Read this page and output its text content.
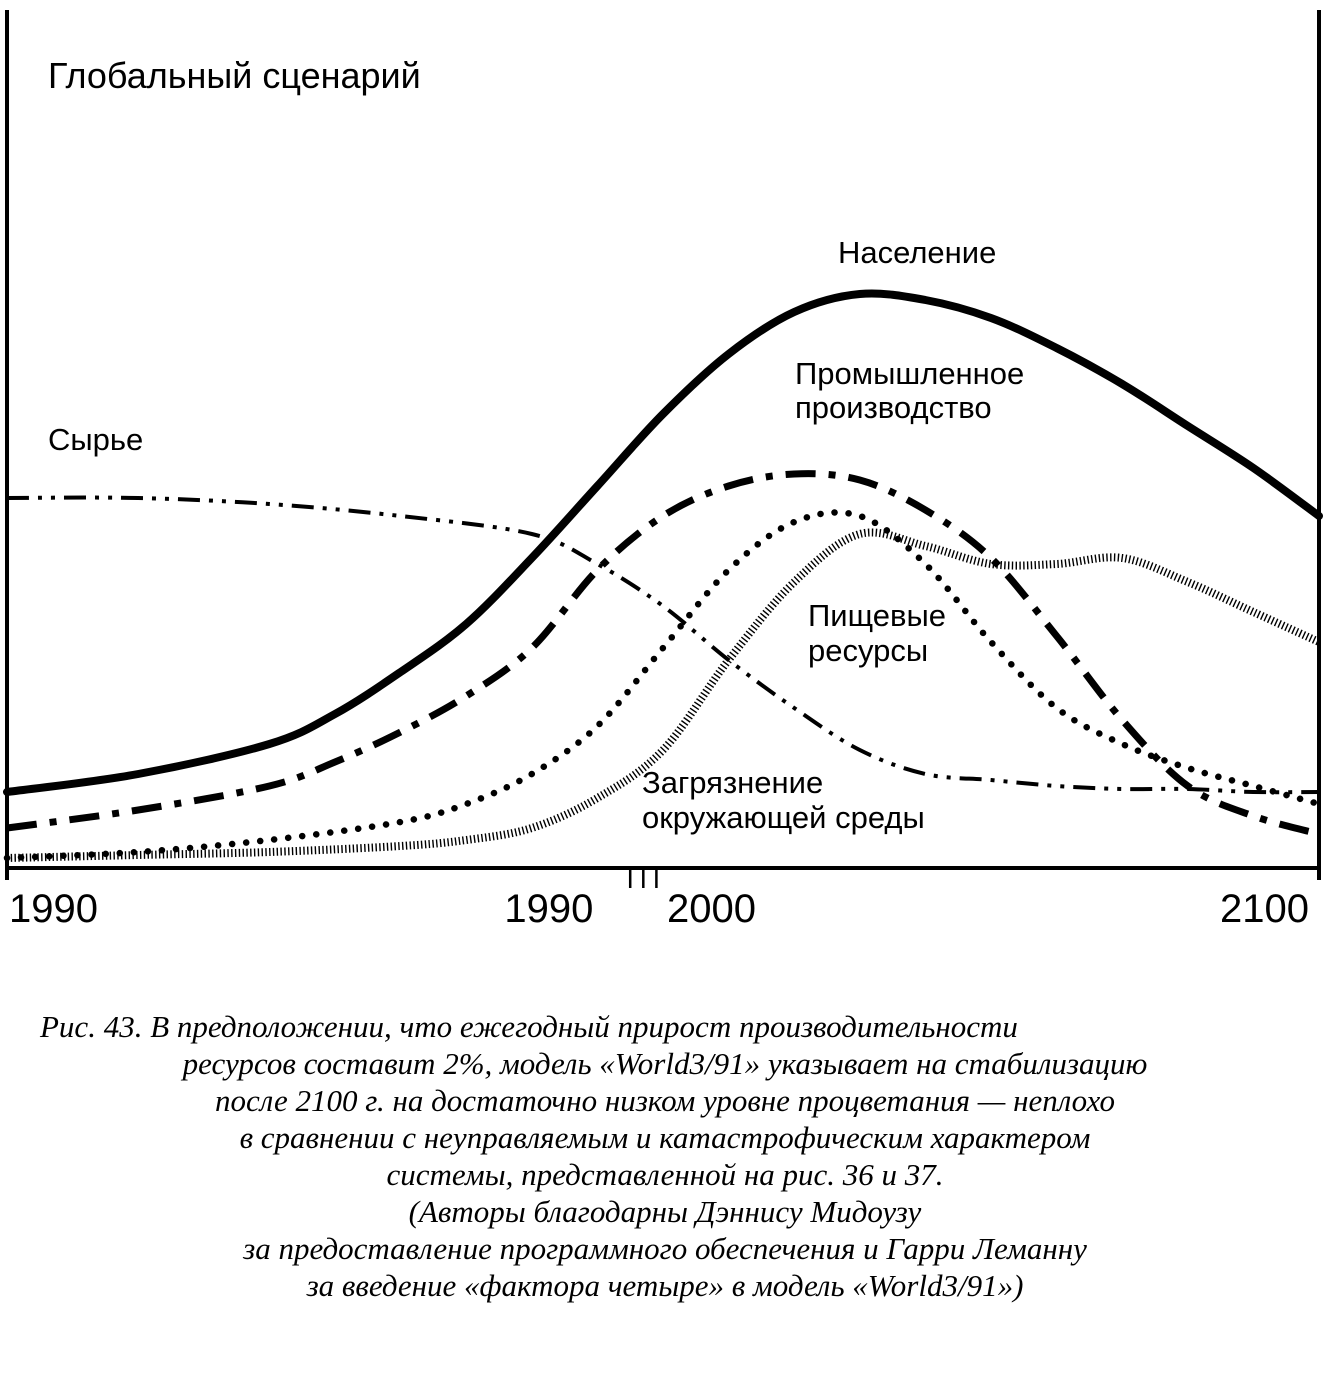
Глобальный сценарий
1990	1990 2000	2100
Население
Промышленное
производство
Сырье
Пищевые
ресурсы
Загрязнение
окружающей среды
Рис. 43. В предположении, что ежегодный прирост производительности
ресурсов составит 2%, модель «World3/91» указывает на стабилизацию
после 2100 г. на достаточно низком уровне процветания — неплохо
в сравнении с неуправляемым и катастрофическим характером
системы, представленной на рис. 36 и 37.
(Авторы благодарны Дэннису Мидоузу
за предоставление программного обеспечения и Гарри Леманну
за введение «фактора четыре» в модель «World3/91»)
